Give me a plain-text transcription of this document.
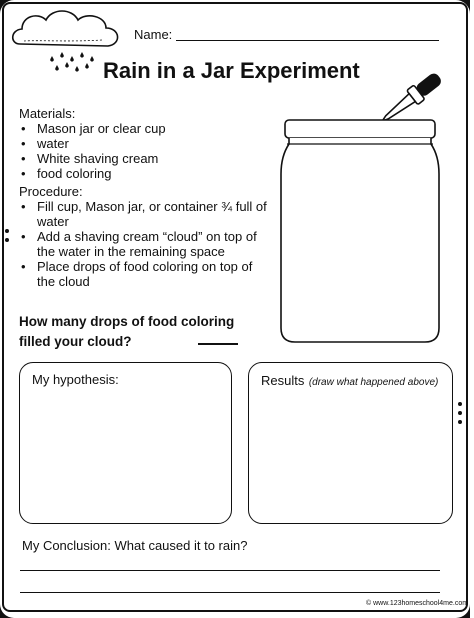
Name:
Rain in a Jar Experiment
Materials:
• Mason jar or clear cup
• water
• White shaving cream
• food coloring
Procedure:
• Fill cup, Mason jar, or container ¾ full of water
• Add a shaving cream “cloud” on top of the water in the remaining space
• Place drops of food coloring on top of the cloud
How many drops of food coloring filled your cloud?
My hypothesis:	Results (draw what happened above)
My Conclusion: What caused it to rain?
© www.123homeschool4me.com
